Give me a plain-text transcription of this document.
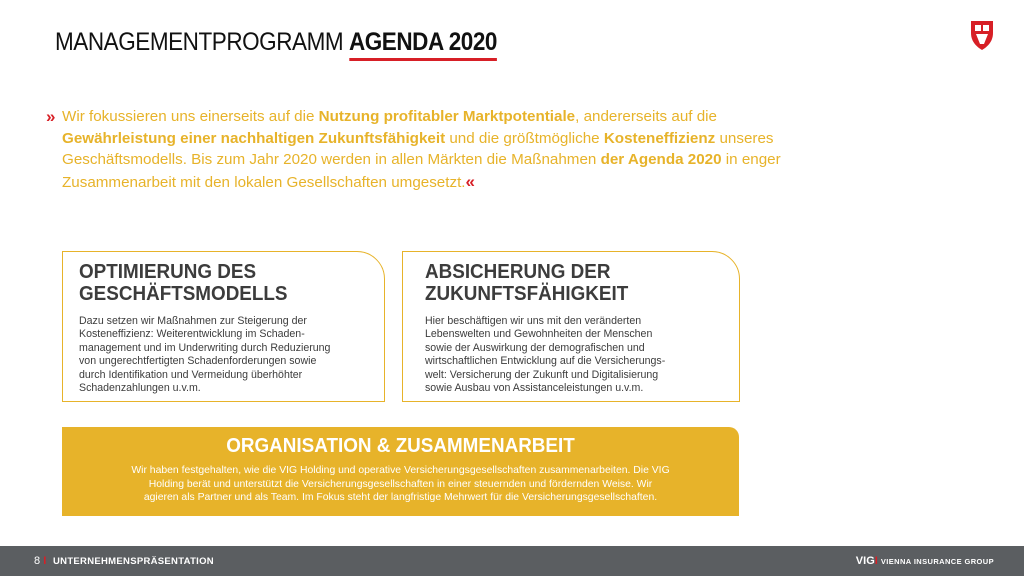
MANAGEMENTPROGRAMM AGENDA 2020
» Wir fokussieren uns einerseits auf die Nutzung profitabler Marktpotentiale, andererseits auf die Gewährleistung einer nachhaltigen Zukunftsfähigkeit und die größtmögliche Kosteneffizienz unseres Geschäftsmodells. Bis zum Jahr 2020 werden in allen Märkten die Maßnahmen der Agenda 2020 in enger Zusammenarbeit mit den lokalen Gesellschaften umgesetzt.«
OPTIMIERUNG DES
GESCHÄFTSMODELLS
Dazu setzen wir Maßnahmen zur Steigerung der
Kosteneffizienz: Weiterentwicklung im Schaden-
management und im Underwriting durch Reduzierung
von ungerechtfertigten Schadenforderungen sowie
durch Identifikation und Vermeidung überhöhter
Schadenzahlungen u.v.m.
ABSICHERUNG DER
ZUKUNFTSFÄHIGKEIT
Hier beschäftigen wir uns mit den veränderten
Lebenswelten und Gewohnheiten der Menschen
sowie der Auswirkung der demografischen und
wirtschaftlichen Entwicklung auf die Versicherungs-
welt: Versicherung der Zukunft und Digitalisierung
sowie Ausbau von Assistanceleistungen u.v.m.
ORGANISATION & ZUSAMMENARBEIT
Wir haben festgehalten, wie die VIG Holding und operative Versicherungsgesellschaften zusammenarbeiten. Die VIG
Holding berät und unterstützt die Versicherungsgesellschaften in einer steuernden und fördernden Weise. Wir
agieren als Partner und als Team. Im Fokus steht der langfristige Mehrwert für die Versicherungsgesellschaften.
8 I UNTERNEHMENSPRÄSENTATION	VIGI VIENNA INSURANCE GROUP
